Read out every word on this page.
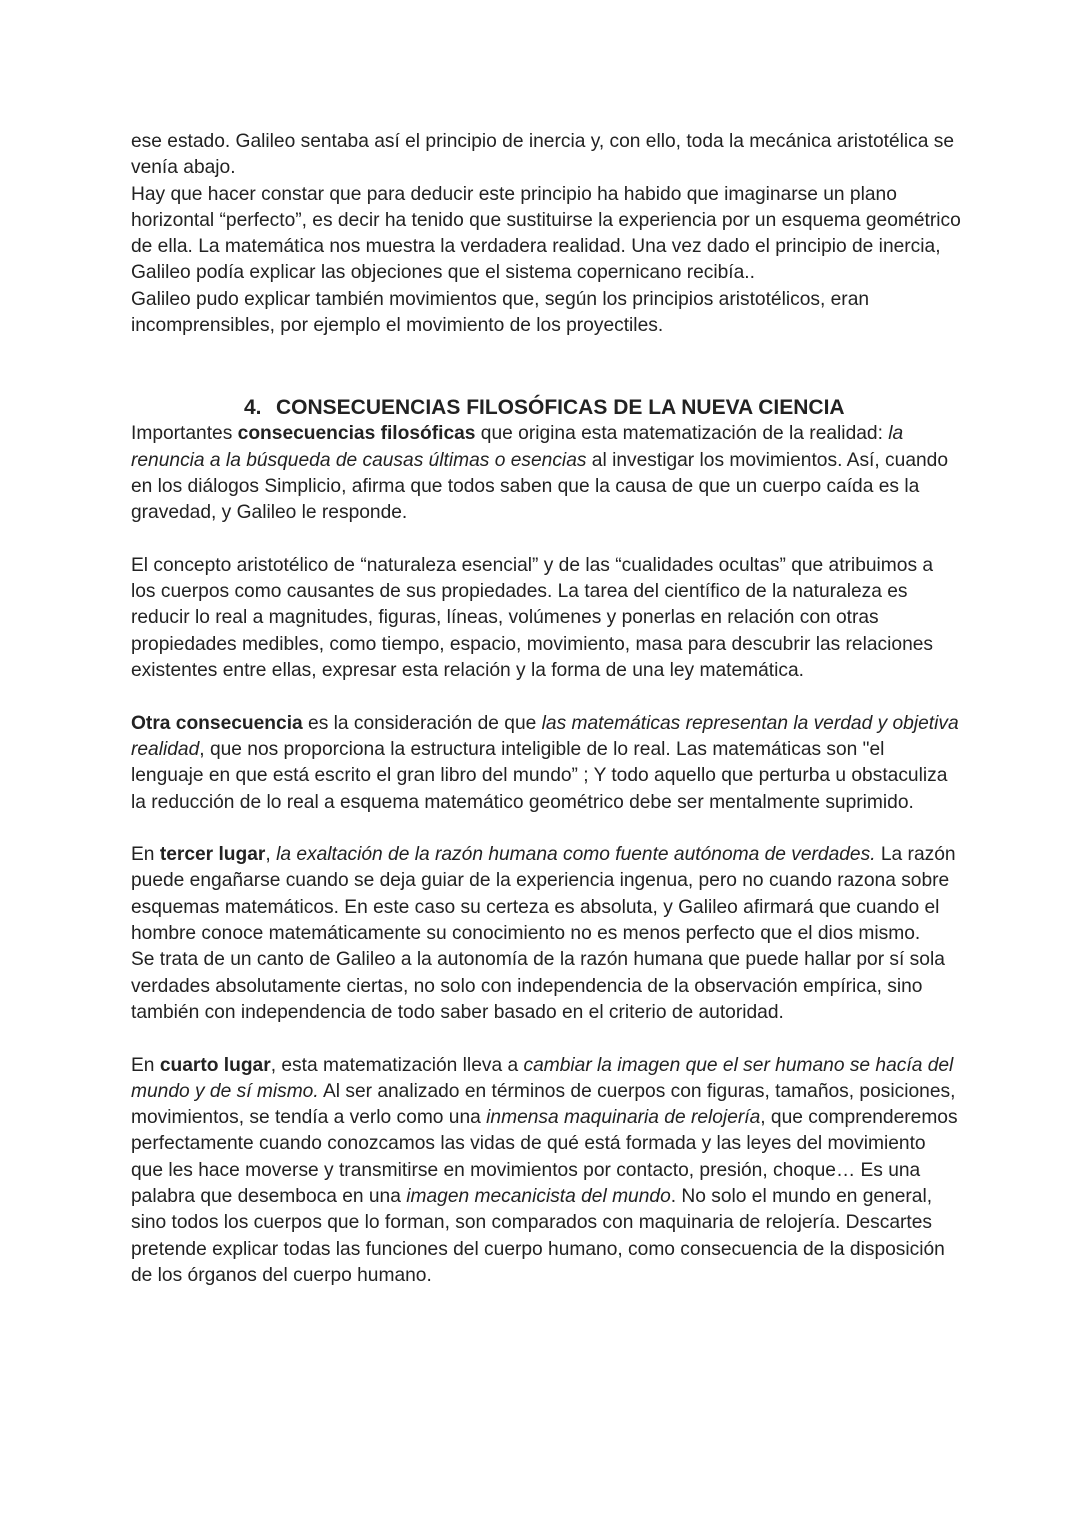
ese estado. Galileo sentaba así el principio de inercia y, con ello, toda la mecánica aristotélica se venía abajo.

Hay que hacer constar que para deducir este principio ha habido que imaginarse un plano horizontal “perfecto”, es decir ha tenido que sustituirse la experiencia por un esquema geométrico de ella. La matemática nos muestra la verdadera realidad. Una vez dado el principio de inercia, Galileo podía explicar las objeciones que el sistema copernicano recibía..

Galileo pudo explicar también movimientos que, según los principios aristotélicos, eran incomprensibles, por ejemplo el movimiento de los proyectiles.

4. CONSECUENCIAS FILOSÓFICAS DE LA NUEVA CIENCIA

Importantes consecuencias filosóficas que origina esta matematización de la realidad: la renuncia a la búsqueda de causas últimas o esencias al investigar los movimientos. Así, cuando en los diálogos Simplicio, afirma que todos saben que la causa de que un cuerpo caída es la gravedad, y Galileo le responde.

El concepto aristotélico de “naturaleza esencial” y de las “cualidades ocultas” que atribuimos a los cuerpos como causantes de sus propiedades. La tarea del científico de la naturaleza es reducir lo real a magnitudes, figuras, líneas, volúmenes y ponerlas en relación con otras propiedades medibles, como tiempo, espacio, movimiento, masa para descubrir las relaciones existentes entre ellas, expresar esta relación y la forma de una ley matemática.

Otra consecuencia es la consideración de que las matemáticas representan la verdad y objetiva realidad, que nos proporciona la estructura inteligible de lo real. Las matemáticas son "el lenguaje en que está escrito el gran libro del mundo” ; Y todo aquello que perturba u obstaculiza la reducción de lo real a esquema matemático geométrico debe ser mentalmente suprimido.

En tercer lugar, la exaltación de la razón humana como fuente autónoma de verdades. La razón puede engañarse cuando se deja guiar de la experiencia ingenua, pero no cuando razona sobre esquemas matemáticos. En este caso su certeza es absoluta, y Galileo afirmará que cuando el hombre conoce matemáticamente su conocimiento no es menos perfecto que el dios mismo.

Se trata de un canto de Galileo a la autonomía de la razón humana que puede hallar por sí sola verdades absolutamente ciertas, no solo con independencia de la observación empírica, sino también con independencia de todo saber basado en el criterio de autoridad.

En cuarto lugar, esta matematización lleva a cambiar la imagen que el ser humano se hacía del mundo y de sí mismo. Al ser analizado en términos de cuerpos con figuras, tamaños, posiciones, movimientos, se tendía a verlo como una inmensa maquinaria de relojería, que comprenderemos perfectamente cuando conozcamos las vidas de qué está formada y las leyes del movimiento que les hace moverse y transmitirse en movimientos por contacto, presión, choque… Es una palabra que desemboca en una imagen mecanicista del mundo. No solo el mundo en general, sino todos los cuerpos que lo forman, son comparados con maquinaria de relojería. Descartes pretende explicar todas las funciones del cuerpo humano, como consecuencia de la disposición de los órganos del cuerpo humano.
